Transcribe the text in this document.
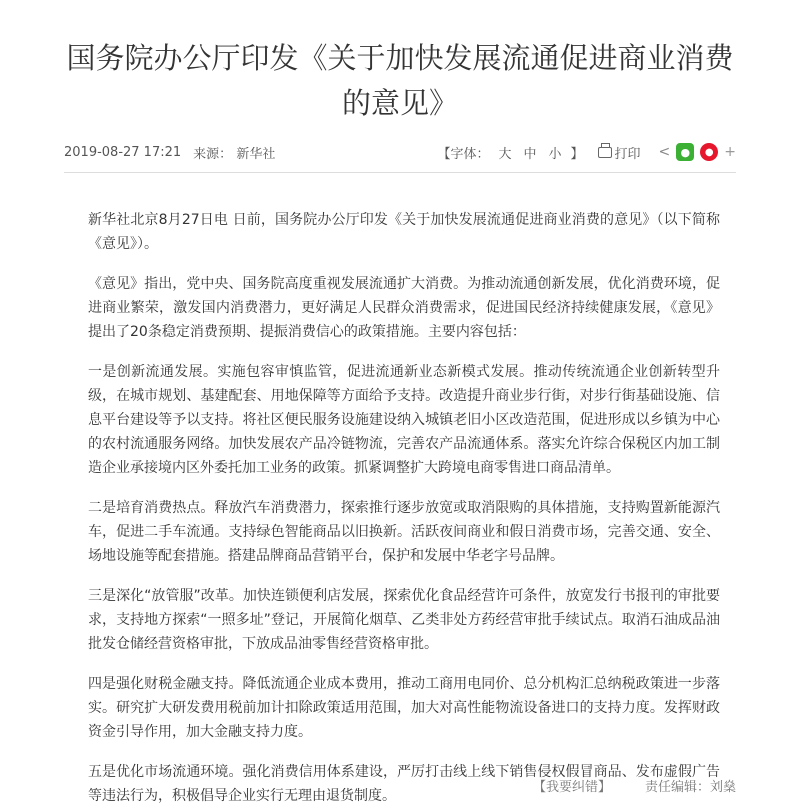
国务院办公厅印发《关于加快发展流通促进商业消费的意见》
2019-08-27 17:21 来源： 新华社	【字体： 大 中 小 】 打印 < ●	● +

新华社北京8月27日电 日前，国务院办公厅印发《关于加快发展流通促进商业消费的意见》（以下简称《意见》）。

《意见》指出，党中央、国务院高度重视发展流通扩大消费。为推动流通创新发展，优化消费环境，促进商业繁荣，激发国内消费潜力，更好满足人民群众消费需求，促进国民经济持续健康发展，《意见》提出了20条稳定消费预期、提振消费信心的政策措施。主要内容包括：

一是创新流通发展。实施包容审慎监管，促进流通新业态新模式发展。推动传统流通企业创新转型升级，在城市规划、基建配套、用地保障等方面给予支持。改造提升商业步行街，对步行街基础设施、信息平台建设等予以支持。将社区便民服务设施建设纳入城镇老旧小区改造范围，促进形成以乡镇为中心的农村流通服务网络。加快发展农产品冷链物流，完善农产品流通体系。落实允许综合保税区内加工制造企业承接境内区外委托加工业务的政策。抓紧调整扩大跨境电商零售进口商品清单。

二是培育消费热点。释放汽车消费潜力，探索推行逐步放宽或取消限购的具体措施，支持购置新能源汽车，促进二手车流通。支持绿色智能商品以旧换新。活跃夜间商业和假日消费市场，完善交通、安全、场地设施等配套措施。搭建品牌商品营销平台，保护和发展中华老字号品牌。

三是深化“放管服”改革。加快连锁便利店发展，探索优化食品经营许可条件，放宽发行书报刊的审批要求，支持地方探索“一照多址”登记，开展简化烟草、乙类非处方药经营审批手续试点。取消石油成品油批发仓储经营资格审批，下放成品油零售经营资格审批。

四是强化财税金融支持。降低流通企业成本费用，推动工商用电同价、总分机构汇总纳税政策进一步落实。研究扩大研发费用税前加计扣除政策适用范围，加大对高性能物流设备进口的支持力度。发挥财政资金引导作用，加大金融支持力度。

五是优化市场流通环境。强化消费信用体系建设，严厉打击线上线下销售侵权假冒商品、发布虚假广告等违法行为，积极倡导企业实行无理由退货制度。

【我要纠错】	责任编辑：刘燊
